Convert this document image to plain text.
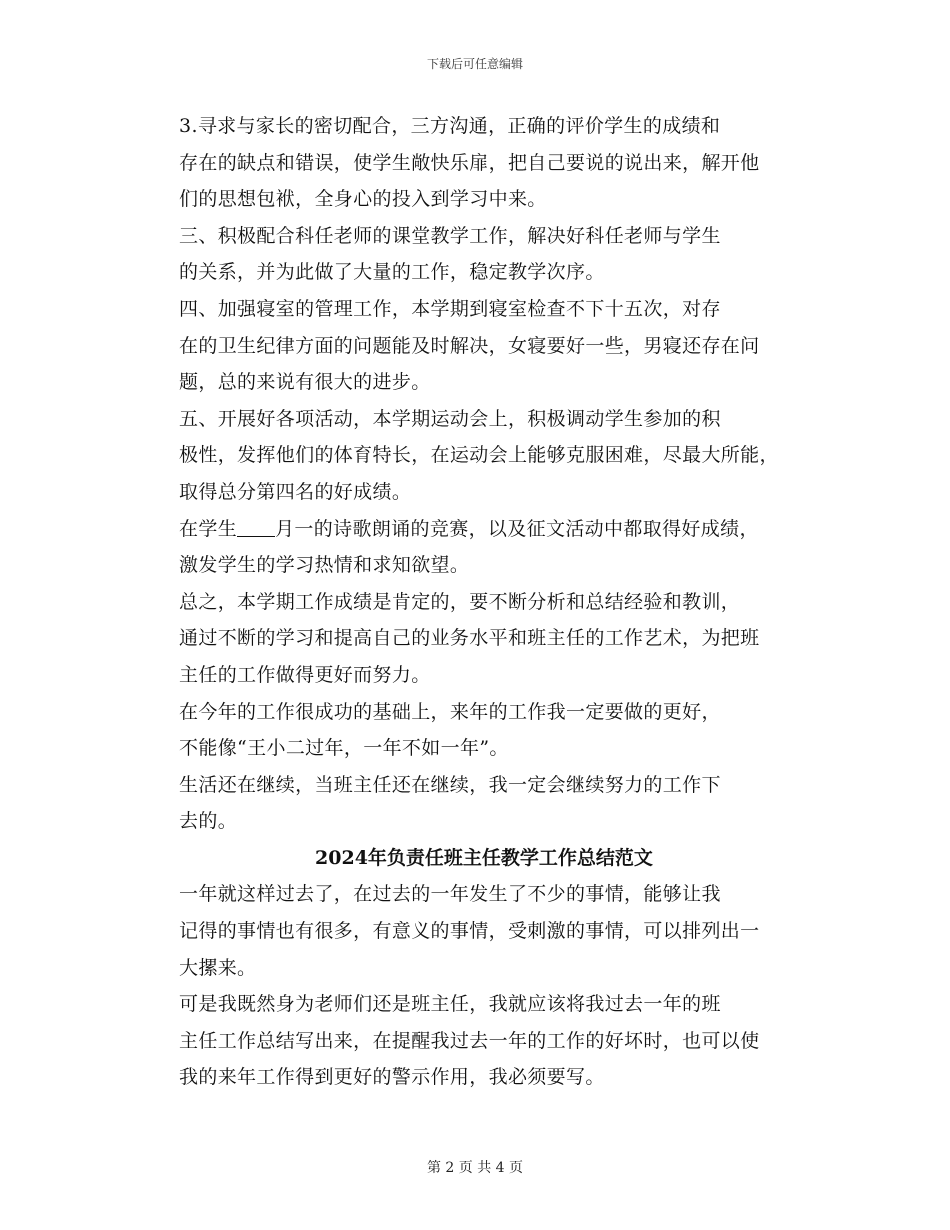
下载后可任意编辑

3.寻求与家长的密切配合，三方沟通，正确的评价学生的成绩和
存在的缺点和错误，使学生敞快乐扉，把自己要说的说出来，解开他
们的思想包袱，全身心的投入到学习中来。

三、积极配合科任老师的课堂教学工作，解决好科任老师与学生
的关系，并为此做了大量的工作，稳定教学次序。

四、加强寝室的管理工作，本学期到寝室检查不下十五次，对存
在的卫生纪律方面的问题能及时解决，女寝要好一些，男寝还存在问
题，总的来说有很大的进步。

五、开展好各项活动，本学期运动会上，积极调动学生参加的积
极性，发挥他们的体育特长，在运动会上能够克服困难，尽最大所能，
取得总分第四名的好成绩。

在学生 月一的诗歌朗诵的竞赛，以及征文活动中都取得好成绩，
激发学生的学习热情和求知欲望。

总之，本学期工作成绩是肯定的，要不断分析和总结经验和教训，
通过不断的学习和提高自己的业务水平和班主任的工作艺术，为把班
主任的工作做得更好而努力。

在今年的工作很成功的基础上，来年的工作我一定要做的更好，
不能像“王小二过年，一年不如一年”。

生活还在继续，当班主任还在继续，我一定会继续努力的工作下
去的。

2024年负责任班主任教学工作总结范文

一年就这样过去了，在过去的一年发生了不少的事情，能够让我
记得的事情也有很多，有意义的事情，受刺激的事情，可以排列出一
大摞来。

可是我既然身为老师们还是班主任，我就应该将我过去一年的班
主任工作总结写出来，在提醒我过去一年的工作的好坏时，也可以使
我的来年工作得到更好的警示作用，我必须要写。

第 2 页 共 4 页
